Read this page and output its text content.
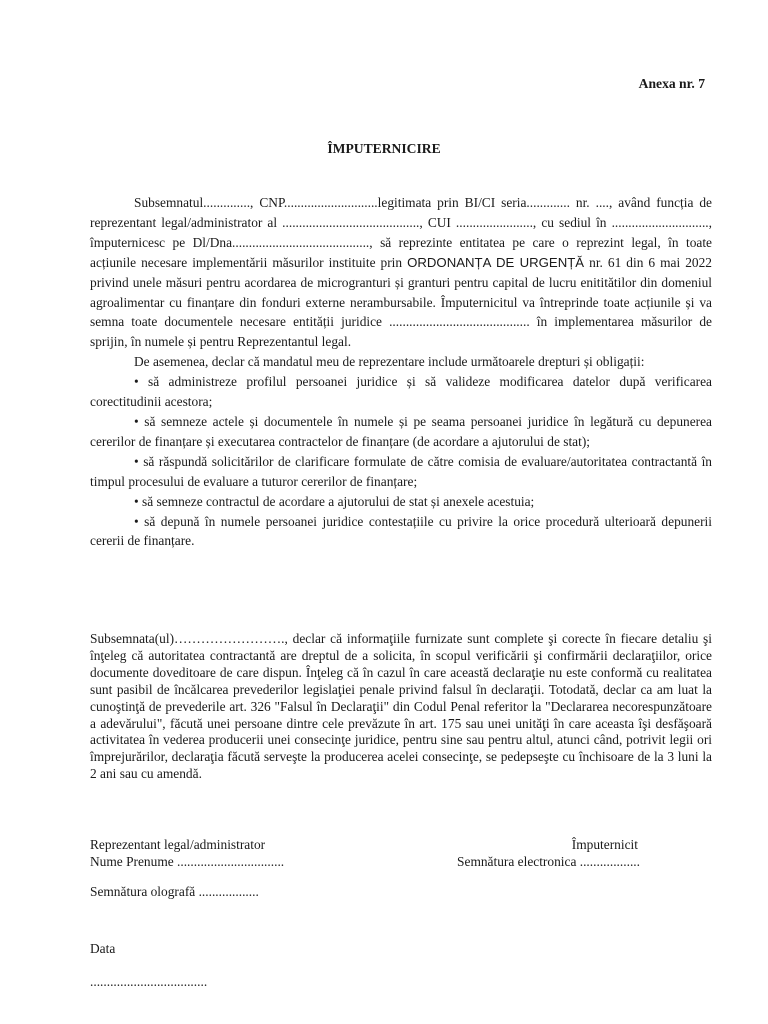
Anexa nr. 7
ÎMPUTERNICIRE

Subsemnatul.............., CNP............................legitimata prin BI/CI seria............. nr. ...., având funcția de reprezentant legal/administrator al ........................................., CUI ......................., cu sediul în ............................., împuternicesc pe Dl/Dna........................................., să reprezinte entitatea pe care o reprezint legal, în toate acțiunile necesare implementării măsurilor instituite prin ORDONANȚA DE URGENȚĂ nr. 61 din 6 mai 2022 privind unele măsuri pentru acordarea de microgranturi și granturi pentru capital de lucru enititătilor din domeniul agroalimentar cu finanțare din fonduri externe nerambursabile. Împuternicitul va întreprinde toate acțiunile și va semna toate documentele necesare entității juridice .......................................... în implementarea măsurilor de sprijin, în numele și pentru Reprezentantul legal.

De asemenea, declar că mandatul meu de reprezentare include următoarele drepturi și obligații:

• să administreze profilul persoanei juridice și să valideze modificarea datelor după verificarea corectitudinii acestora;

• să semneze actele și documentele în numele și pe seama persoanei juridice în legătură cu depunerea cererilor de finanțare și executarea contractelor de finanțare (de acordare a ajutorului de stat);

• să răspundă solicitărilor de clarificare formulate de către comisia de evaluare/autoritatea contractantă în timpul procesului de evaluare a tuturor cererilor de finanțare;

• să semneze contractul de acordare a ajutorului de stat și anexele acestuia;

• să depună în numele persoanei juridice contestațiile cu privire la orice procedură ulterioară depunerii cererii de finanțare.

Subsemnata(ul)……………………., declar că informaţiile furnizate sunt complete şi corecte în fiecare detaliu şi înţeleg că autoritatea contractantă are dreptul de a solicita, în scopul verificării şi confirmării declaraţiilor, orice documente doveditoare de care dispun. Înţeleg că în cazul în care această declaraţie nu este conformă cu realitatea sunt pasibil de încălcarea prevederilor legislaţiei penale privind falsul în declaraţii. Totodată, declar ca am luat la cunoştinţă de prevederile art. 326 "Falsul în Declaraţii" din Codul Penal referitor la "Declararea necorespunzătoare a adevărului", făcută unei persoane dintre cele prevăzute în art. 175 sau unei unităţi în care aceasta îşi desfăşoară activitatea în vederea producerii unei consecinţe juridice, pentru sine sau pentru altul, atunci când, potrivit legii ori împrejurărilor, declaraţia făcută serveşte la producerea acelei consecinţe, se pedepseşte cu închisoare de la 3 luni la 2 ani sau cu amendă.

Reprezentant legal/administrator	Împuternicit
Nume Prenume ................................	Semnătura electronica ..................
Semnătura olografă ..................
Data
...................................
